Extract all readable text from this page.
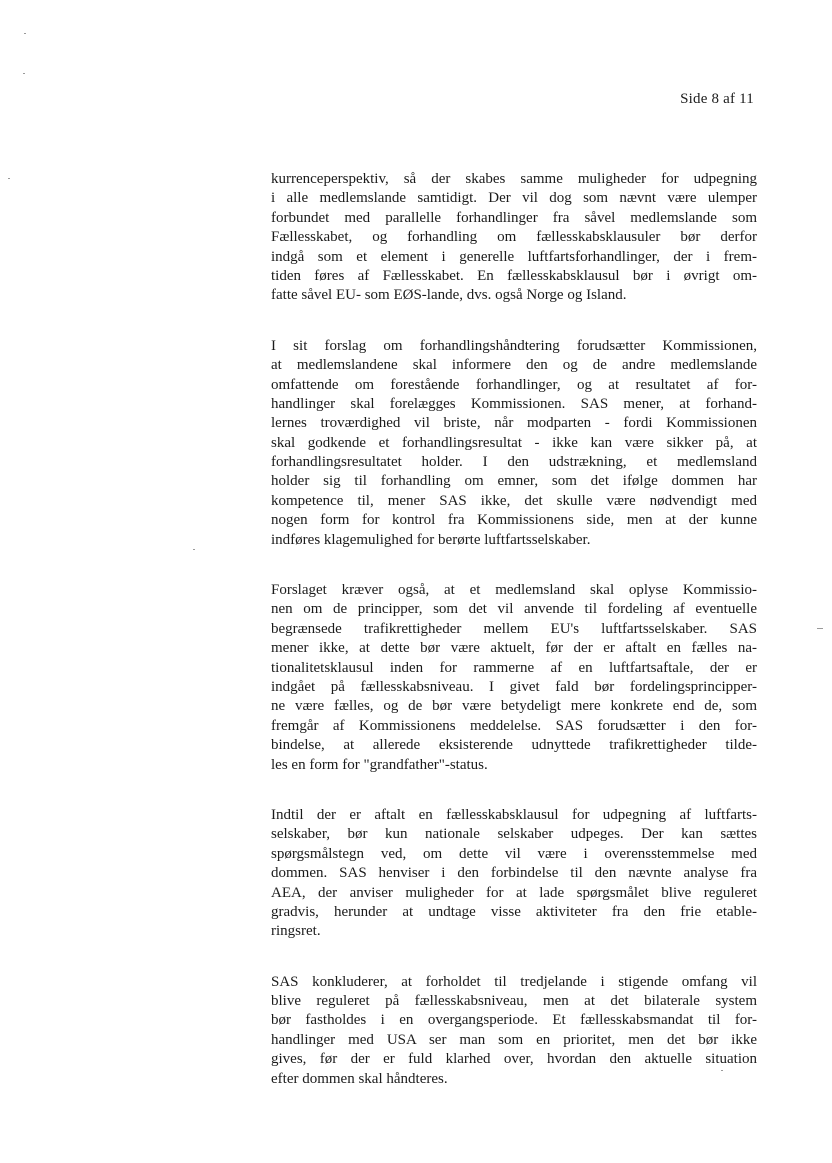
Side 8 af 11
kurrenceperspektiv, så der skabes samme muligheder for udpegning
i alle medlemslande samtidigt. Der vil dog som nævnt være ulemper
forbundet med parallelle forhandlinger fra såvel medlemslande som
Fællesskabet, og forhandling om fællesskabsklausuler bør derfor
indgå som et element i generelle luftfartsforhandlinger, der i frem-
tiden føres af Fællesskabet. En fællesskabsklausul bør i øvrigt om-
fatte såvel EU- som EØS-lande, dvs. også Norge og Island.
I sit forslag om forhandlingshåndtering forudsætter Kommissionen,
at medlemslandene skal informere den og de andre medlemslande
omfattende om forestående forhandlinger, og at resultatet af for-
handlinger skal forelægges Kommissionen. SAS mener, at forhand-
lernes troværdighed vil briste, når modparten - fordi Kommissionen
skal godkende et forhandlingsresultat - ikke kan være sikker på, at
forhandlingsresultatet holder. I den udstrækning, et medlemsland
holder sig til forhandling om emner, som det ifølge dommen har
kompetence til, mener SAS ikke, det skulle være nødvendigt med
nogen form for kontrol fra Kommissionens side, men at der kunne
indføres klagemulighed for berørte luftfartsselskaber.
Forslaget kræver også, at et medlemsland skal oplyse Kommissio-
nen om de principper, som det vil anvende til fordeling af eventuelle
begrænsede trafikrettigheder mellem EU's luftfartsselskaber. SAS
mener ikke, at dette bør være aktuelt, før der er aftalt en fælles na-
tionalitetsklausul inden for rammerne af en luftfartsaftale, der er
indgået på fællesskabsniveau. I givet fald bør fordelingsprincipper-
ne være fælles, og de bør være betydeligt mere konkrete end de, som
fremgår af Kommissionens meddelelse. SAS forudsætter i den for-
bindelse, at allerede eksisterende udnyttede trafikrettigheder tilde-
les en form for "grandfather"-status.
Indtil der er aftalt en fællesskabsklausul for udpegning af luftfarts-
selskaber, bør kun nationale selskaber udpeges. Der kan sættes
spørgsmålstegn ved, om dette vil være i overensstemmelse med
dommen. SAS henviser i den forbindelse til den nævnte analyse fra
AEA, der anviser muligheder for at lade spørgsmålet blive reguleret
gradvis, herunder at undtage visse aktiviteter fra den frie etable-
ringsret.
SAS konkluderer, at forholdet til tredjelande i stigende omfang vil
blive reguleret på fællesskabsniveau, men at det bilaterale system
bør fastholdes i en overgangsperiode. Et fællesskabsmandat til for-
handlinger med USA ser man som en prioritet, men det bør ikke
gives, før der er fuld klarhed over, hvordan den aktuelle situation
efter dommen skal håndteres.
